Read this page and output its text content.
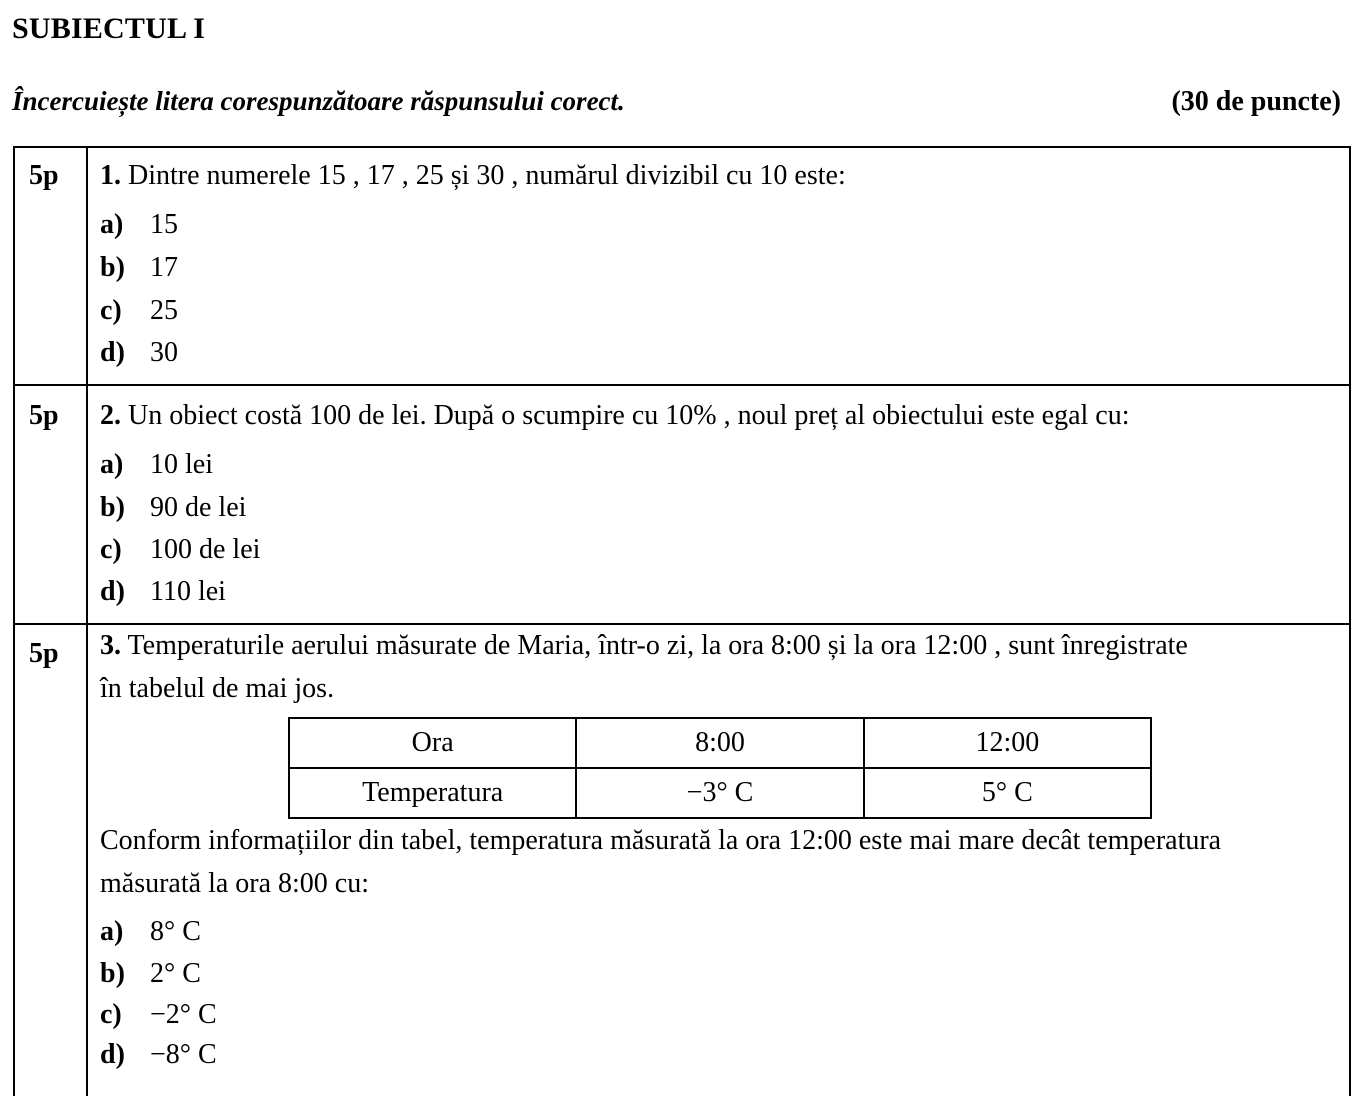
SUBIECTUL I
Încercuiește litera corespunzătoare răspunsului corect.	(30 de puncte)
5p 1. Dintre numerele 15 , 17 , 25 și 30 , numărul divizibil cu 10 este:
a) 15
b) 17
c) 25
d) 30
5p 2. Un obiect costă 100 de lei. După o scumpire cu 10% , noul preț al obiectului este egal cu:
a) 10 lei
b) 90 de lei
c) 100 de lei
d) 110 lei
5p 3. Temperaturile aerului măsurate de Maria, într-o zi, la ora 8:00 și la ora 12:00 , sunt înregistrate
în tabelul de mai jos.
Ora	8:00	12:00
Temperatura	−3° C	5° C
Conform informațiilor din tabel, temperatura măsurată la ora 12:00 este mai mare decât temperatura
măsurată la ora 8:00 cu:
a) 8° C
b) 2° C
c) −2° C
d) −8° C
